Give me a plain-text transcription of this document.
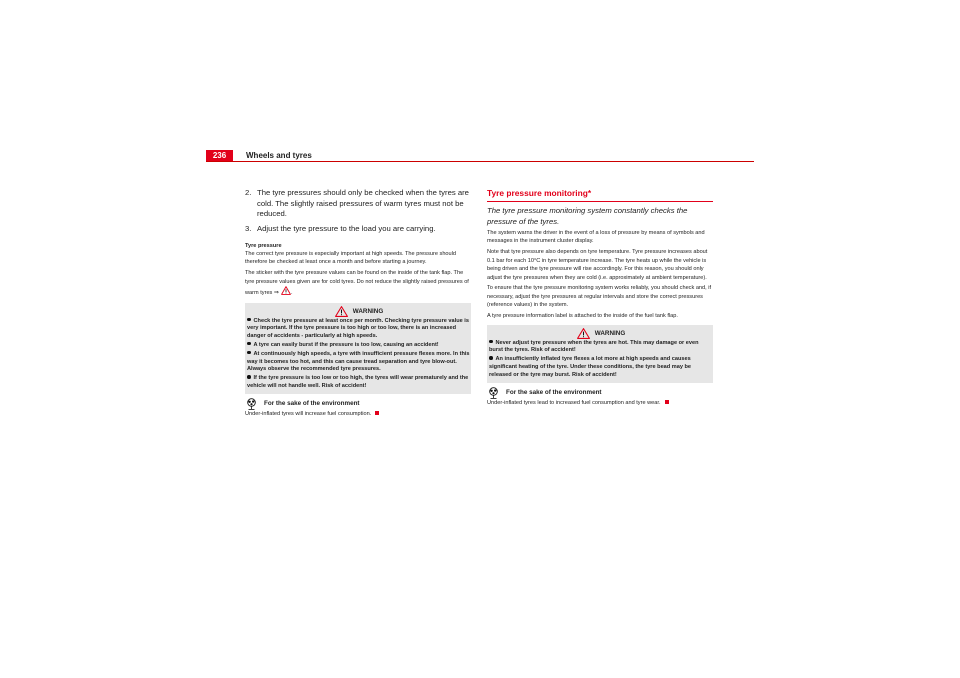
236	Wheels and tyres
2. The tyre pressures should only be checked when the tyres are cold. The slightly raised pressures of warm tyres must not be reduced.
3. Adjust the tyre pressure to the load you are carrying.
Tyre pressure

The correct tyre pressure is especially important at high speeds. The pressure should therefore be checked at least once a month and before starting a journey.

The sticker with the tyre pressure values can be found on the inside of the tank flap. The tyre pressure values given are for cold tyres. Do not reduce the slightly raised pressures of warm tyres ⇒ .

WARNING
Check the tyre pressure at least once per month. Checking tyre pressure value is very important. If the tyre pressure is too high or too low, there is an increased danger of accidents - particularly at high speeds.
A tyre can easily burst if the pressure is too low, causing an accident!
At continuously high speeds, a tyre with insufficient pressure flexes more. In this way it becomes too hot, and this can cause tread separation and tyre blow-out. Always observe the recommended tyre pressures.
If the tyre pressure is too low or too high, the tyres will wear prematurely and the vehicle will not handle well. Risk of accident!
For the sake of the environment
Under-inflated tyres will increase fuel consumption.
Tyre pressure monitoring*
The tyre pressure monitoring system constantly checks the pressure of the tyres.

The system warns the driver in the event of a loss of pressure by means of symbols and messages in the instrument cluster display.

Note that tyre pressure also depends on tyre temperature. Tyre pressure increases about 0.1 bar for each 10°C in tyre temperature increase. The tyre heats up while the vehicle is being driven and the tyre pressure will rise accordingly. For this reason, you should only adjust the tyre pressures when they are cold (i.e. approximately at ambient temperature).

To ensure that the tyre pressure monitoring system works reliably, you should check and, if necessary, adjust the tyre pressures at regular intervals and store the correct pressures (reference values) in the system.

A tyre pressure information label is attached to the inside of the fuel tank flap.

WARNING
Never adjust tyre pressure when the tyres are hot. This may damage or even burst the tyres. Risk of accident!
An insufficiently inflated tyre flexes a lot more at high speeds and causes significant heating of the tyre. Under these conditions, the tyre bead may be released or the tyre may burst. Risk of accident!
For the sake of the environment
Under-inflated tyres lead to increased fuel consumption and tyre wear.
